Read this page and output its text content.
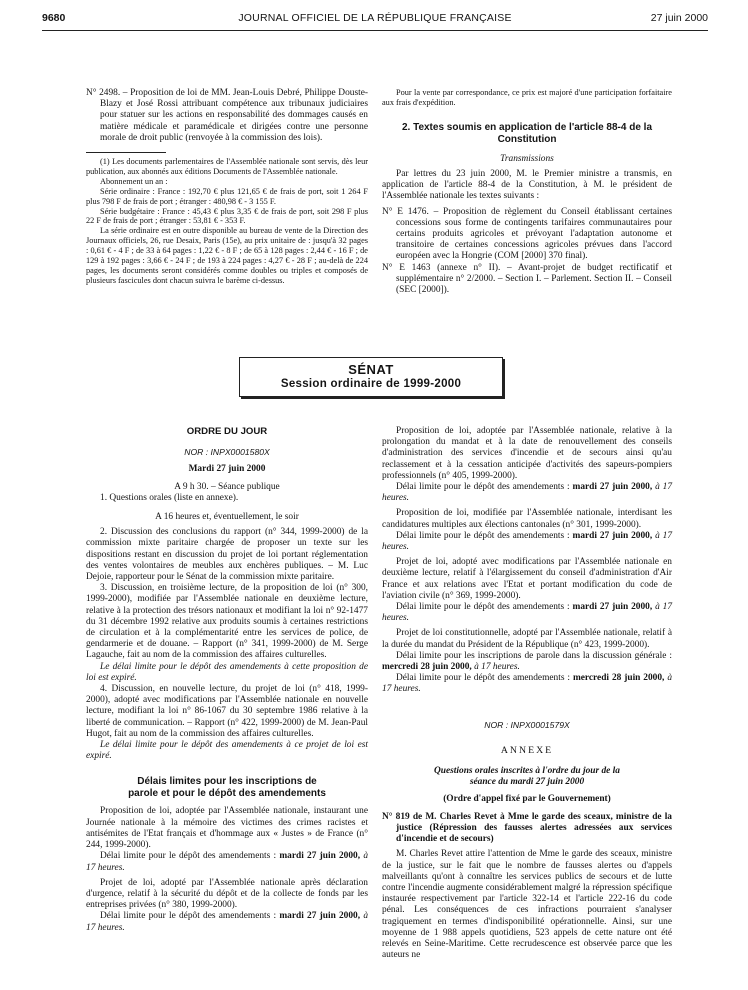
9680	JOURNAL OFFICIEL DE LA RÉPUBLIQUE FRANÇAISE	27 juin 2000

N° 2498. – Proposition de loi de MM. Jean-Louis Debré, Philippe Douste-Blazy et José Rossi attribuant compétence aux tribunaux judiciaires pour statuer sur les actions en responsabilité des dommages causés en matière médicale et paramédicale et dirigées contre une personne morale de droit public (renvoyée à la commission des lois).

(1) Les documents parlementaires de l'Assemblée nationale sont servis, dès leur publication, aux abonnés aux éditions Documents de l'Assemblée nationale.

Abonnement un an :

Série ordinaire : France : 192,70 € plus 121,65 € de frais de port, soit 1 264 F plus 798 F de frais de port ; étranger : 480,98 € - 3 155 F.

Série budgétaire : France : 45,43 € plus 3,35 € de frais de port, soit 298 F plus 22 F de frais de port ; étranger : 53,81 € - 353 F.

La série ordinaire est en outre disponible au bureau de vente de la Direction des Journaux officiels, 26, rue Desaix, Paris (15e), au prix unitaire de : jusqu'à 32 pages : 0,61 € - 4 F ; de 33 à 64 pages : 1,22 € - 8 F ; de 65 à 128 pages : 2,44 € - 16 F ; de 129 à 192 pages : 3,66 € - 24 F ; de 193 à 224 pages : 4,27 € - 28 F ; au-delà de 224 pages, les documents seront considérés comme doubles ou triples et composés de plusieurs fascicules dont chacun suivra le barème ci-dessus.

Pour la vente par correspondance, ce prix est majoré d'une participation forfaitaire aux frais d'expédition.

2. Textes soumis en application de l'article 88-4 de la Constitution

Transmissions

Par lettres du 23 juin 2000, M. le Premier ministre a transmis, en application de l'article 88-4 de la Constitution, à M. le président de l'Assemblée nationale les textes suivants :

N° E 1476. – Proposition de règlement du Conseil établissant certaines concessions sous forme de contingents tarifaires communautaires pour certains produits agricoles et prévoyant l'adaptation autonome et transitoire de certaines concessions agricoles prévues dans l'accord européen avec la Hongrie (COM [2000] 370 final).

N° E 1463 (annexe n° II). – Avant-projet de budget rectificatif et supplémentaire n° 2/2000. – Section I. – Parlement. Section II. – Conseil (SEC [2000]).

SÉNAT
Session ordinaire de 1999-2000

ORDRE DU JOUR

NOR : INPX0001580X

Mardi 27 juin 2000

A 9 h 30. – Séance publique

1. Questions orales (liste en annexe).

A 16 heures et, éventuellement, le soir

2. Discussion des conclusions du rapport (n° 344, 1999-2000) de la commission mixte paritaire chargée de proposer un texte sur les dispositions restant en discussion du projet de loi portant réglementation des ventes volontaires de meubles aux enchères publiques. – M. Luc Dejoie, rapporteur pour le Sénat de la commission mixte paritaire.

3. Discussion, en troisième lecture, de la proposition de loi (n° 300, 1999-2000), modifiée par l'Assemblée nationale en deuxième lecture, relative à la protection des trésors nationaux et modifiant la loi n° 92-1477 du 31 décembre 1992 relative aux produits soumis à certaines restrictions de circulation et à la complémentarité entre les services de police, de gendarmerie et de douane. – Rapport (n° 341, 1999-2000) de M. Serge Lagauche, fait au nom de la commission des affaires culturelles.

Le délai limite pour le dépôt des amendements à cette proposition de loi est expiré.

4. Discussion, en nouvelle lecture, du projet de loi (n° 418, 1999-2000), adopté avec modifications par l'Assemblée nationale en nouvelle lecture, modifiant la loi n° 86-1067 du 30 septembre 1986 relative à la liberté de communication. – Rapport (n° 422, 1999-2000) de M. Jean-Paul Hugot, fait au nom de la commission des affaires culturelles.

Le délai limite pour le dépôt des amendements à ce projet de loi est expiré.

Délais limites pour les inscriptions de parole et pour le dépôt des amendements

Proposition de loi, adoptée par l'Assemblée nationale, instaurant une Journée nationale à la mémoire des victimes des crimes racistes et antisémites de l'Etat français et d'hommage aux « Justes » de France (n° 244, 1999-2000).

Délai limite pour le dépôt des amendements : mardi 27 juin 2000, à 17 heures.

Projet de loi, adopté par l'Assemblée nationale après déclaration d'urgence, relatif à la sécurité du dépôt et de la collecte de fonds par les entreprises privées (n° 380, 1999-2000).

Délai limite pour le dépôt des amendements : mardi 27 juin 2000, à 17 heures.

Proposition de loi, adoptée par l'Assemblée nationale, relative à la prolongation du mandat et à la date de renouvellement des conseils d'administration des services d'incendie et de secours ainsi qu'au reclassement et à la cessation anticipée d'activités des sapeurs-pompiers professionnels (n° 405, 1999-2000).

Délai limite pour le dépôt des amendements : mardi 27 juin 2000, à 17 heures.

Proposition de loi, modifiée par l'Assemblée nationale, interdisant les candidatures multiples aux élections cantonales (n° 301, 1999-2000).

Délai limite pour le dépôt des amendements : mardi 27 juin 2000, à 17 heures.

Projet de loi, adopté avec modifications par l'Assemblée nationale en deuxième lecture, relatif à l'élargissement du conseil d'administration d'Air France et aux relations avec l'Etat et portant modification du code de l'aviation civile (n° 369, 1999-2000).

Délai limite pour le dépôt des amendements : mardi 27 juin 2000, à 17 heures.

Projet de loi constitutionnelle, adopté par l'Assemblée nationale, relatif à la durée du mandat du Président de la République (n° 423, 1999-2000).

Délai limite pour les inscriptions de parole dans la discussion générale : mercredi 28 juin 2000, à 17 heures.

Délai limite pour le dépôt des amendements : mercredi 28 juin 2000, à 17 heures.

NOR : INPX0001579X

ANNEXE

Questions orales inscrites à l'ordre du jour de la séance du mardi 27 juin 2000

(Ordre d'appel fixé par le Gouvernement)

N° 819 de M. Charles Revet à Mme le garde des sceaux, ministre de la justice (Répression des fausses alertes adressées aux services d'incendie et de secours)

M. Charles Revet attire l'attention de Mme le garde des sceaux, ministre de la justice, sur le fait que le nombre de fausses alertes ou d'appels malveillants qu'ont à connaître les services publics de secours et de lutte contre l'incendie augmente considérablement malgré la répression spécifique instaurée respectivement par l'article 322-14 et l'article 222-16 du code pénal. Les conséquences de ces infractions pourraient s'analyser tragiquement en termes d'indisponibilité opérationnelle. Ainsi, sur une moyenne de 1 988 appels quotidiens, 523 appels de cette nature ont été relevés en Seine-Maritime. Cette recrudescence est observée parce que les auteurs ne
